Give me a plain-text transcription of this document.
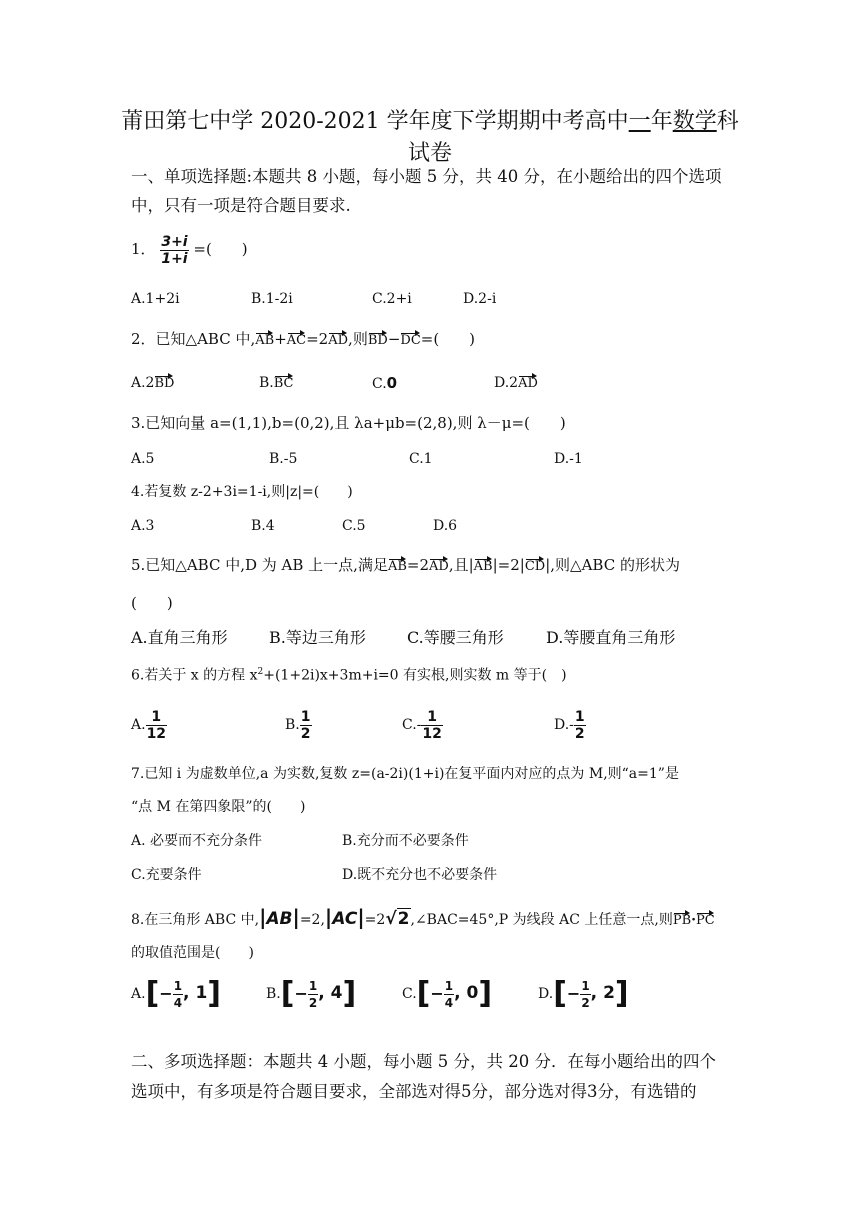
莆田第七中学 2020-2021 学年度下学期期中考高中一年数学科
试卷
一、单项选择题:本题共 8 小题，每小题 5 分，共 40 分，在小题给出的四个选项
中，只有一项是符合题目要求.
1． $\frac{3+i}{1+i}$ =(　　)
A.1+2i	B.1-2i	C.2+i	D.2-i
2．已知△ABC 中,AB+AC=2AD,则BD−DC=(　　)
A.2BD	B.BC	C.0	D.2AD
3.已知向量 a=(1,1),b=(0,2),且 λa+μb=(2,8),则 λ－μ=(　　)
A.5	B.-5	C.1	D.-1
4.若复数 z-2+3i=1-i,则|z|=(　　)
A.3	B.4	C.5	D.6
5.已知△ABC 中,D 为 AB 上一点,满足AB=2AD,且|AB|=2|CD|,则△ABC 的形状为
(　　)
A.直角三角形	B.等边三角形	C.等腰三角形	D.等腰直角三角形
6.若关于 x 的方程 $x^2+(1+2i)x+3m+i=0$ 有实根,则实数 m 等于(　)
A. $\frac{1}{12}$	B. $\frac{1}{2}$	$C.- \frac{1}{12}$	$D.- \frac{1}{2}$
7.已知 i 为虚数单位,a 为实数,复数 z=(a-2i)(1+i)在复平面内对应的点为 M,则“a=1”是
“点 M 在第四象限”的(　　)
A. 必要而不充分条件	B.充分而不必要条件
C.充要条件	D.既不充分也不必要条件
8.在三角形 ABC 中,|AB|=2,|AC|=2√2,∠BAC=45°,P 为线段 AC 上任意一点,则PB·PC
的取值范围是(　　)
$A.[- \frac{1}{4}$ , 1]	$B.[- \frac{1}{2}$ , 4]	$C.[- \frac{1}{4}$ , 0]	$D.[- \frac{1}{2}$ , 2]
二、多项选择题：本题共 4 小题，每小题 5 分，共 20 分．在每小题给出的四个
选项中，有多项是符合题目要求，全部选对得5分，部分选对得3分，有选错的
